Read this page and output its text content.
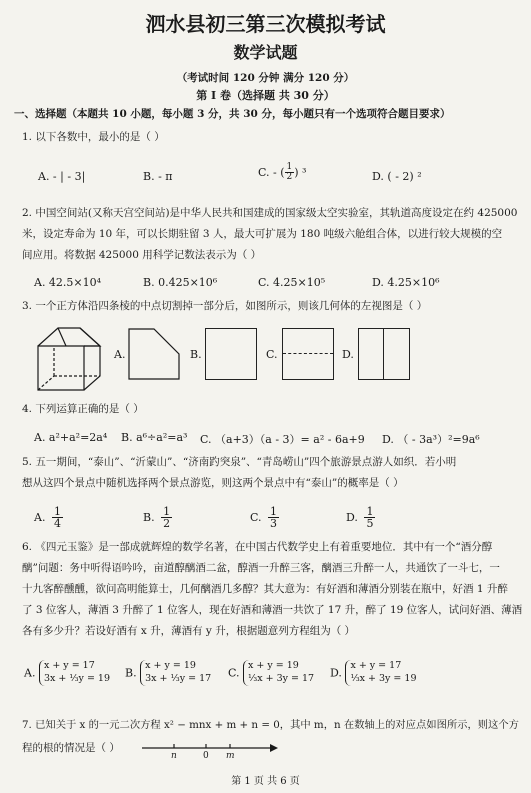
泗水县初三第三次模拟考试
数学试题
（考试时间 120 分钟 满分 120 分）
第 I 卷（选择题 共 30 分）
一、选择题（本题共 10 小题，每小题 3 分，共 30 分，每小题只有一个选项符合题目要求）
1. 以下各数中，最小的是（ ）
A. - | - 3|	B. - π	C. - ( $\frac{1}{2}$ ) ³	D. ( - 2) ²
2. 中国空间站(又称天宫空间站)是中华人民共和国建成的国家级太空实验室，其轨道高度设定在约 425000
米，设定寿命为 10 年，可以长期驻留 3 人，最大可扩展为 180 吨级六舱组合体，以进行较大规模的空
间应用。将数据 425000 用科学记数法表示为（ ）
A. 42.5×10⁴	B. 0.425×10⁶	C. 4.25×10⁵	D. 4.25×10⁶
3. 一个正方体沿四条棱的中点切割掉一部分后，如图所示，则该几何体的左视图是（ ）
A.	B.	C.	D.
4. 下列运算正确的是（ ）
A. a²+a²=2a⁴ B. a⁶÷a²=a³ C. （a+3）（a - 3）= a² - 6a+9 D. （ - 3a³）²=9a⁶
5. 五一期间，“泰山”、“沂蒙山”、“济南趵突泉”、“青岛崂山”四个旅游景点游人如织．若小明
想从这四个景点中随机选择两个景点游览，则这两个景点中有“泰山”的概率是（ ）
A. $\frac{1}{4}$	B. $\frac{1}{2}$	C. $\frac{1}{3}$	D. $\frac{1}{5}$
6. 《四元玉鉴》是一部成就辉煌的数学名著，在中国古代数学史上有着重要地位．其中有一个“酒分醇
醨”问题：务中听得语吟吟，亩道醇醨酒二盆，醇酒一升醉三客，醨酒三升醉一人，共通饮了一斗七，一
十九客醉醺醺，欲问高明能算士，几何醨酒几多醇？其大意为：有好酒和薄酒分别装在瓶中，好酒 1 升醉
了 3 位客人，薄酒 3 升醉了 1 位客人，现在好酒和薄酒一共饮了 17 升，醉了 19 位客人，试问好酒、薄酒
各有多少升？若设好酒有 x 升，薄酒有 y 升，根据题意列方程组为（ ）
A.
x + y = 17
3x + ⅓y = 19 B.
x + y = 19
3x + ⅓y = 17 C.
x + y = 19
⅓x + 3y = 17 D.
x + y = 17
⅓x + 3y = 19
7. 已知关于 x 的一元二次方程 x² − mnx + m + n = 0，其中 m，n 在数轴上的对应点如图所示，则这个方
程的根的情况是（ ）
n	0 m
第 1 页 共 6 页
